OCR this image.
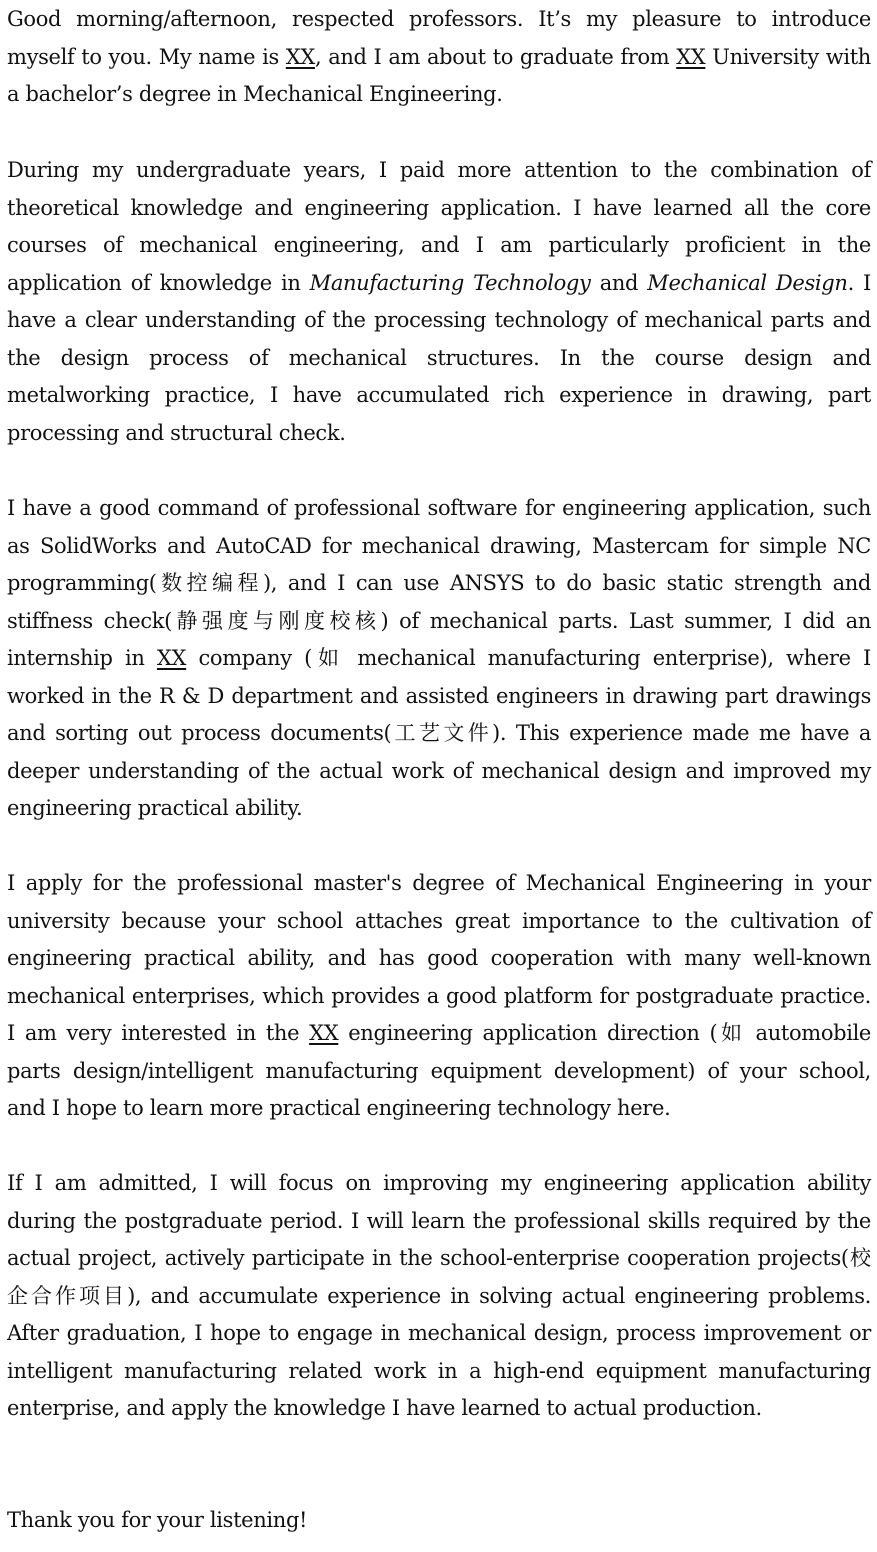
Good morning/afternoon, respected professors. It’s my pleasure to introduce myself to you. My name is XX, and I am about to graduate from XX University with a bachelor’s degree in Mechanical Engineering.

During my undergraduate years, I paid more attention to the combination of theoretical knowledge and engineering application. I have learned all the core courses of mechanical engineering, and I am particularly proficient in the application of knowledge in Manufacturing Technology and Mechanical Design. I have a clear understanding of the processing technology of mechanical parts and the design process of mechanical structures. In the course design and metalworking practice, I have accumulated rich experience in drawing, part processing and structural check.

I have a good command of professional software for engineering application, such as SolidWorks and AutoCAD for mechanical drawing, Mastercam for simple NC programming(数控编程), and I can use ANSYS to do basic static strength and stiffness check(静强度与刚度校核) of mechanical parts. Last summer, I did an internship in XX company (如 mechanical manufacturing enterprise), where I worked in the R & D department and assisted engineers in drawing part drawings and sorting out process documents(工艺文件). This experience made me have a deeper understanding of the actual work of mechanical design and improved my engineering practical ability.

I apply for the professional master's degree of Mechanical Engineering in your university because your school attaches great importance to the cultivation of engineering practical ability, and has good cooperation with many well-known mechanical enterprises, which provides a good platform for postgraduate practice. I am very interested in the XX engineering application direction (如 automobile parts design/intelligent manufacturing equipment development) of your school, and I hope to learn more practical engineering technology here.

If I am admitted, I will focus on improving my engineering application ability during the postgraduate period. I will learn the professional skills required by the actual project, actively participate in the school-enterprise cooperation projects(校企合作项目), and accumulate experience in solving actual engineering problems. After graduation, I hope to engage in mechanical design, process improvement or intelligent manufacturing related work in a high-end equipment manufacturing enterprise, and apply the knowledge I have learned to actual production.

Thank you for your listening!
